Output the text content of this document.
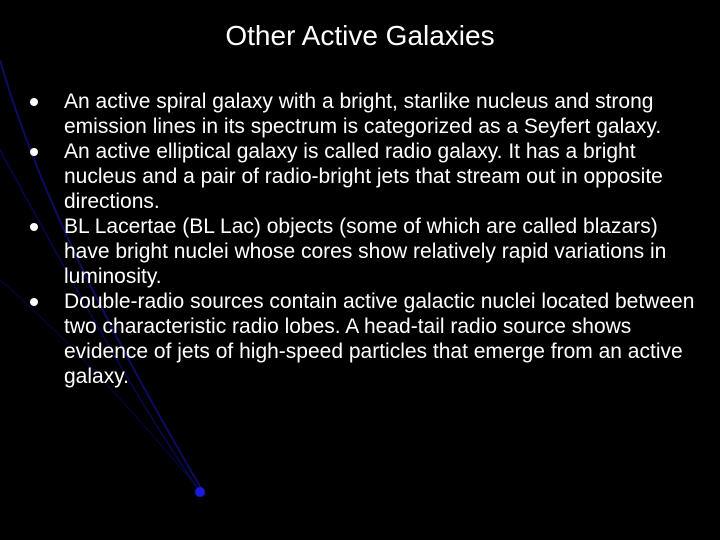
Other Active Galaxies
An active spiral galaxy with a bright, starlike nucleus and strong emission lines in its spectrum is categorized as a Seyfert galaxy.
An active elliptical galaxy is called radio galaxy. It has a bright nucleus and a pair of radio-bright jets that stream out in opposite directions.
BL Lacertae (BL Lac) objects (some of which are called blazars) have bright nuclei whose cores show relatively rapid variations in luminosity.
Double-radio sources contain active galactic nuclei located between two characteristic radio lobes. A head-tail radio source shows evidence of jets of high-speed particles that emerge from an active galaxy.
